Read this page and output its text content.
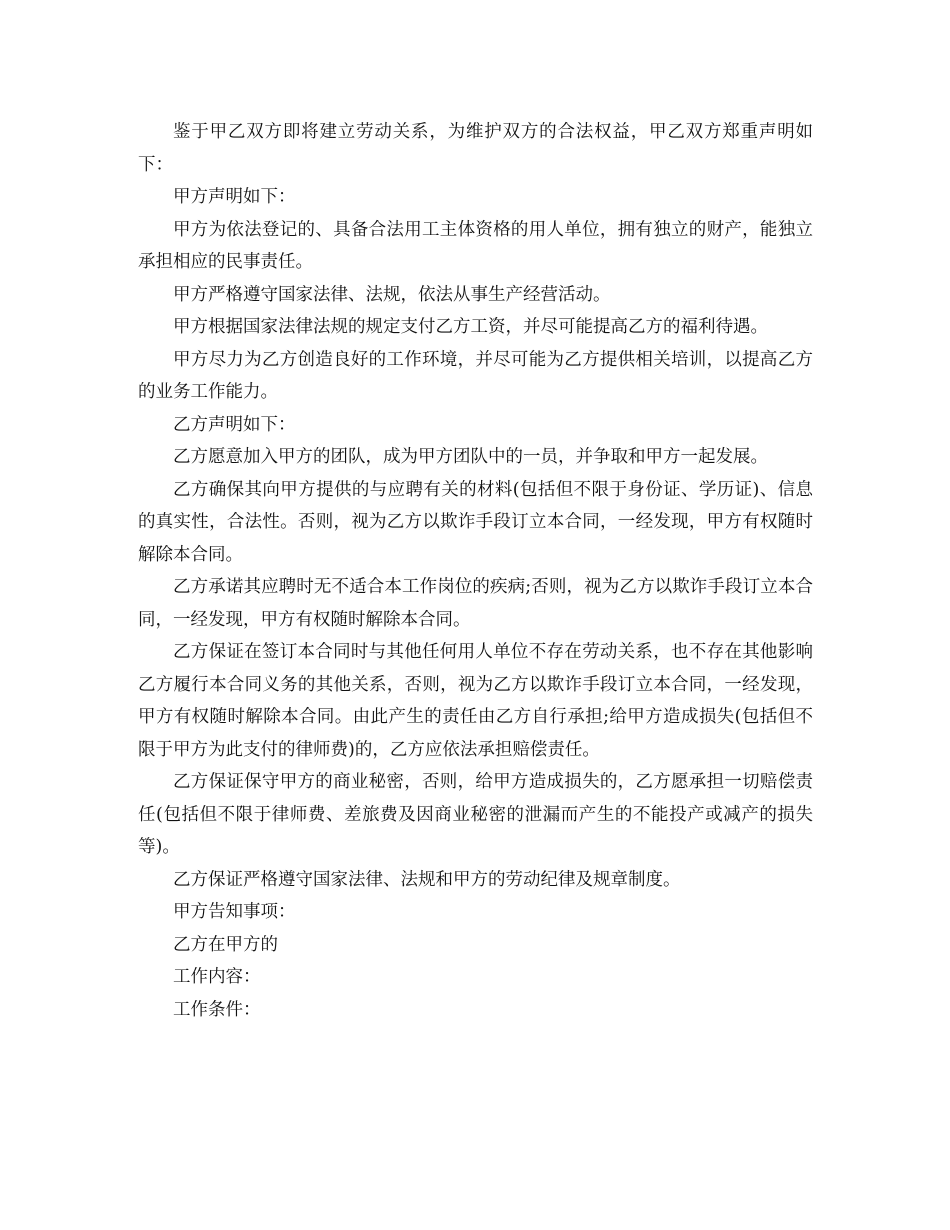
鉴于甲乙双方即将建立劳动关系，为维护双方的合法权益，甲乙双方郑重声明如下：

甲方声明如下：

甲方为依法登记的、具备合法用工主体资格的用人单位，拥有独立的财产，能独立承担相应的民事责任。

甲方严格遵守国家法律、法规，依法从事生产经营活动。

甲方根据国家法律法规的规定支付乙方工资，并尽可能提高乙方的福利待遇。

甲方尽力为乙方创造良好的工作环境，并尽可能为乙方提供相关培训，以提高乙方的业务工作能力。

乙方声明如下：

乙方愿意加入甲方的团队，成为甲方团队中的一员，并争取和甲方一起发展。

乙方确保其向甲方提供的与应聘有关的材料(包括但不限于身份证、学历证)、信息的真实性，合法性。否则，视为乙方以欺诈手段订立本合同，一经发现，甲方有权随时解除本合同。

乙方承诺其应聘时无不适合本工作岗位的疾病;否则，视为乙方以欺诈手段订立本合同，一经发现，甲方有权随时解除本合同。

乙方保证在签订本合同时与其他任何用人单位不存在劳动关系，也不存在其他影响乙方履行本合同义务的其他关系，否则，视为乙方以欺诈手段订立本合同，一经发现，甲方有权随时解除本合同。由此产生的责任由乙方自行承担;给甲方造成损失(包括但不限于甲方为此支付的律师费)的，乙方应依法承担赔偿责任。

乙方保证保守甲方的商业秘密，否则，给甲方造成损失的，乙方愿承担一切赔偿责任(包括但不限于律师费、差旅费及因商业秘密的泄漏而产生的不能投产或减产的损失等)。

乙方保证严格遵守国家法律、法规和甲方的劳动纪律及规章制度。

甲方告知事项：

乙方在甲方的

工作内容：

工作条件：
